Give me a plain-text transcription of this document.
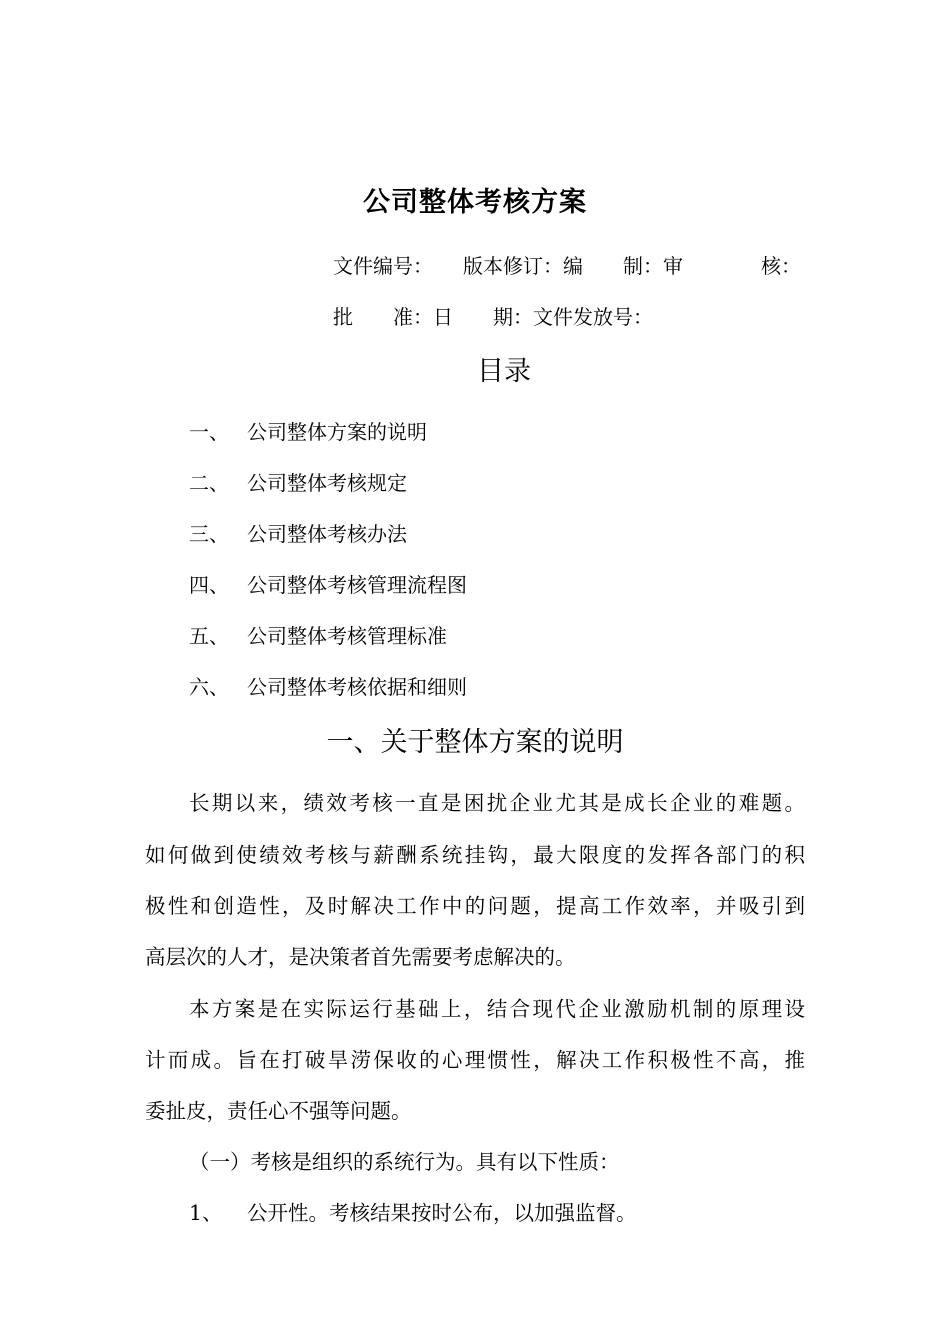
公司整体考核方案
文件编号：　　版本修订：编　　制：审	核：
批　　准：日　　期：文件发放号：
目录
一、 公司整体方案的说明
二、 公司整体考核规定
三、 公司整体考核办法
四、 公司整体考核管理流程图
五、 公司整体考核管理标准
六、 公司整体考核依据和细则
一、关于整体方案的说明
长期以来，绩效考核一直是困扰企业尤其是成长企业的难题。
如何做到使绩效考核与薪酬系统挂钩，最大限度的发挥各部门的积
极性和创造性，及时解决工作中的问题，提高工作效率，并吸引到
高层次的人才，是决策者首先需要考虑解决的。
本方案是在实际运行基础上，结合现代企业激励机制的原理设
计而成。旨在打破旱涝保收的心理惯性，解决工作积极性不高，推
委扯皮，责任心不强等问题。
（一）考核是组织的系统行为。具有以下性质：
1、 公开性。考核结果按时公布，以加强监督。
